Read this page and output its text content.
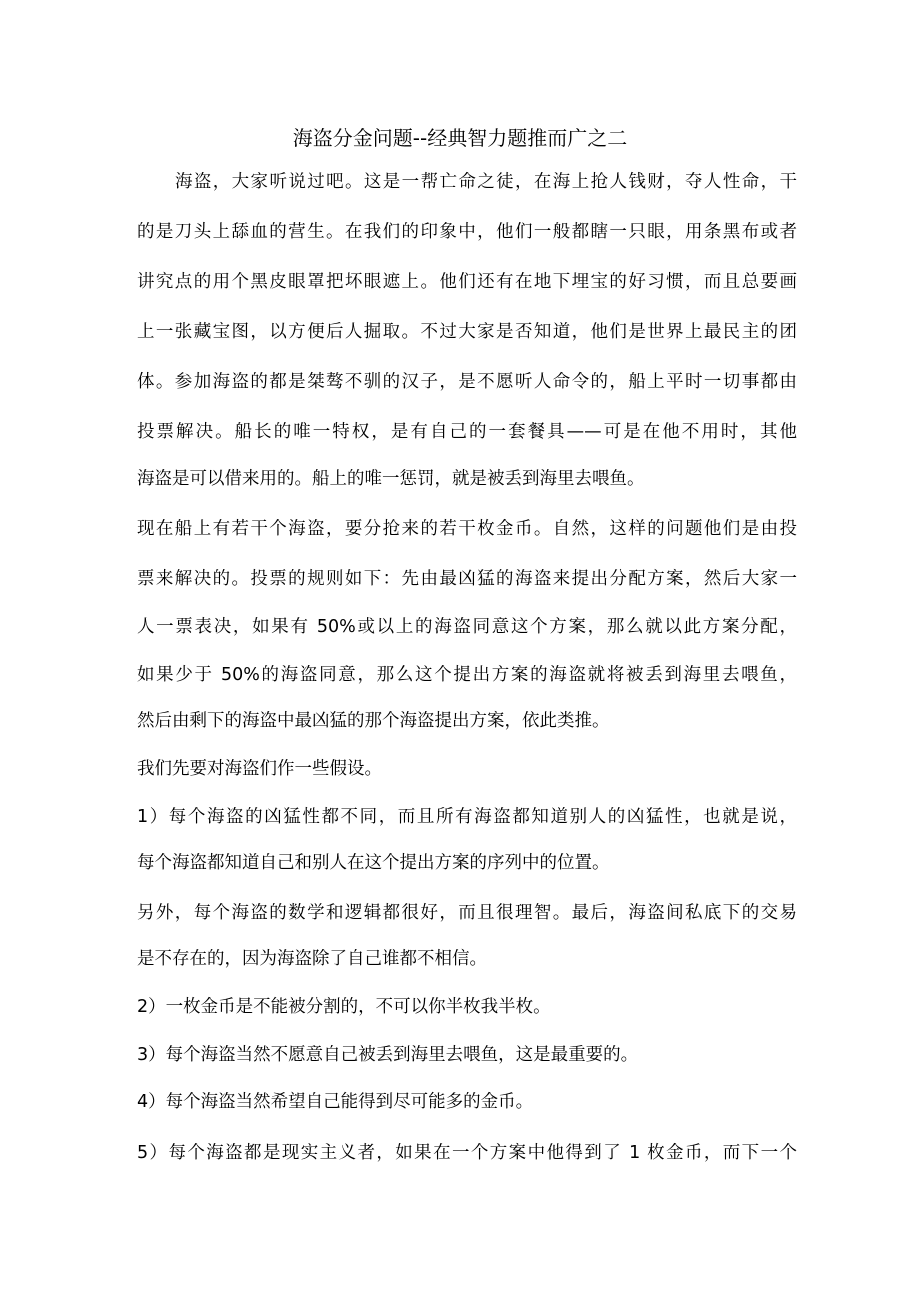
海盗分金问题--经典智力题推而广之二
海盗，大家听说过吧。这是一帮亡命之徒，在海上抢人钱财，夺人性命，干
的是刀头上舔血的营生。在我们的印象中，他们一般都瞎一只眼，用条黑布或者
讲究点的用个黑皮眼罩把坏眼遮上。他们还有在地下埋宝的好习惯，而且总要画
上一张藏宝图，以方便后人掘取。不过大家是否知道，他们是世界上最民主的团
体。参加海盗的都是桀骜不驯的汉子，是不愿听人命令的，船上平时一切事都由
投票解决。船长的唯一特权，是有自己的一套餐具——可是在他不用时，其他
海盗是可以借来用的。船上的唯一惩罚，就是被丢到海里去喂鱼。
现在船上有若干个海盗，要分抢来的若干枚金币。自然，这样的问题他们是由投
票来解决的。投票的规则如下：先由最凶猛的海盗来提出分配方案，然后大家一
人一票表决，如果有 50%或以上的海盗同意这个方案，那么就以此方案分配，
如果少于 50%的海盗同意，那么这个提出方案的海盗就将被丢到海里去喂鱼，
然后由剩下的海盗中最凶猛的那个海盗提出方案，依此类推。
我们先要对海盗们作一些假设。
1）每个海盗的凶猛性都不同，而且所有海盗都知道别人的凶猛性，也就是说，
每个海盗都知道自己和别人在这个提出方案的序列中的位置。
另外，每个海盗的数学和逻辑都很好，而且很理智。最后，海盗间私底下的交易
是不存在的，因为海盗除了自己谁都不相信。
2）一枚金币是不能被分割的，不可以你半枚我半枚。
3）每个海盗当然不愿意自己被丢到海里去喂鱼，这是最重要的。
4）每个海盗当然希望自己能得到尽可能多的金币。
5）每个海盗都是现实主义者，如果在一个方案中他得到了 1 枚金币，而下一个
